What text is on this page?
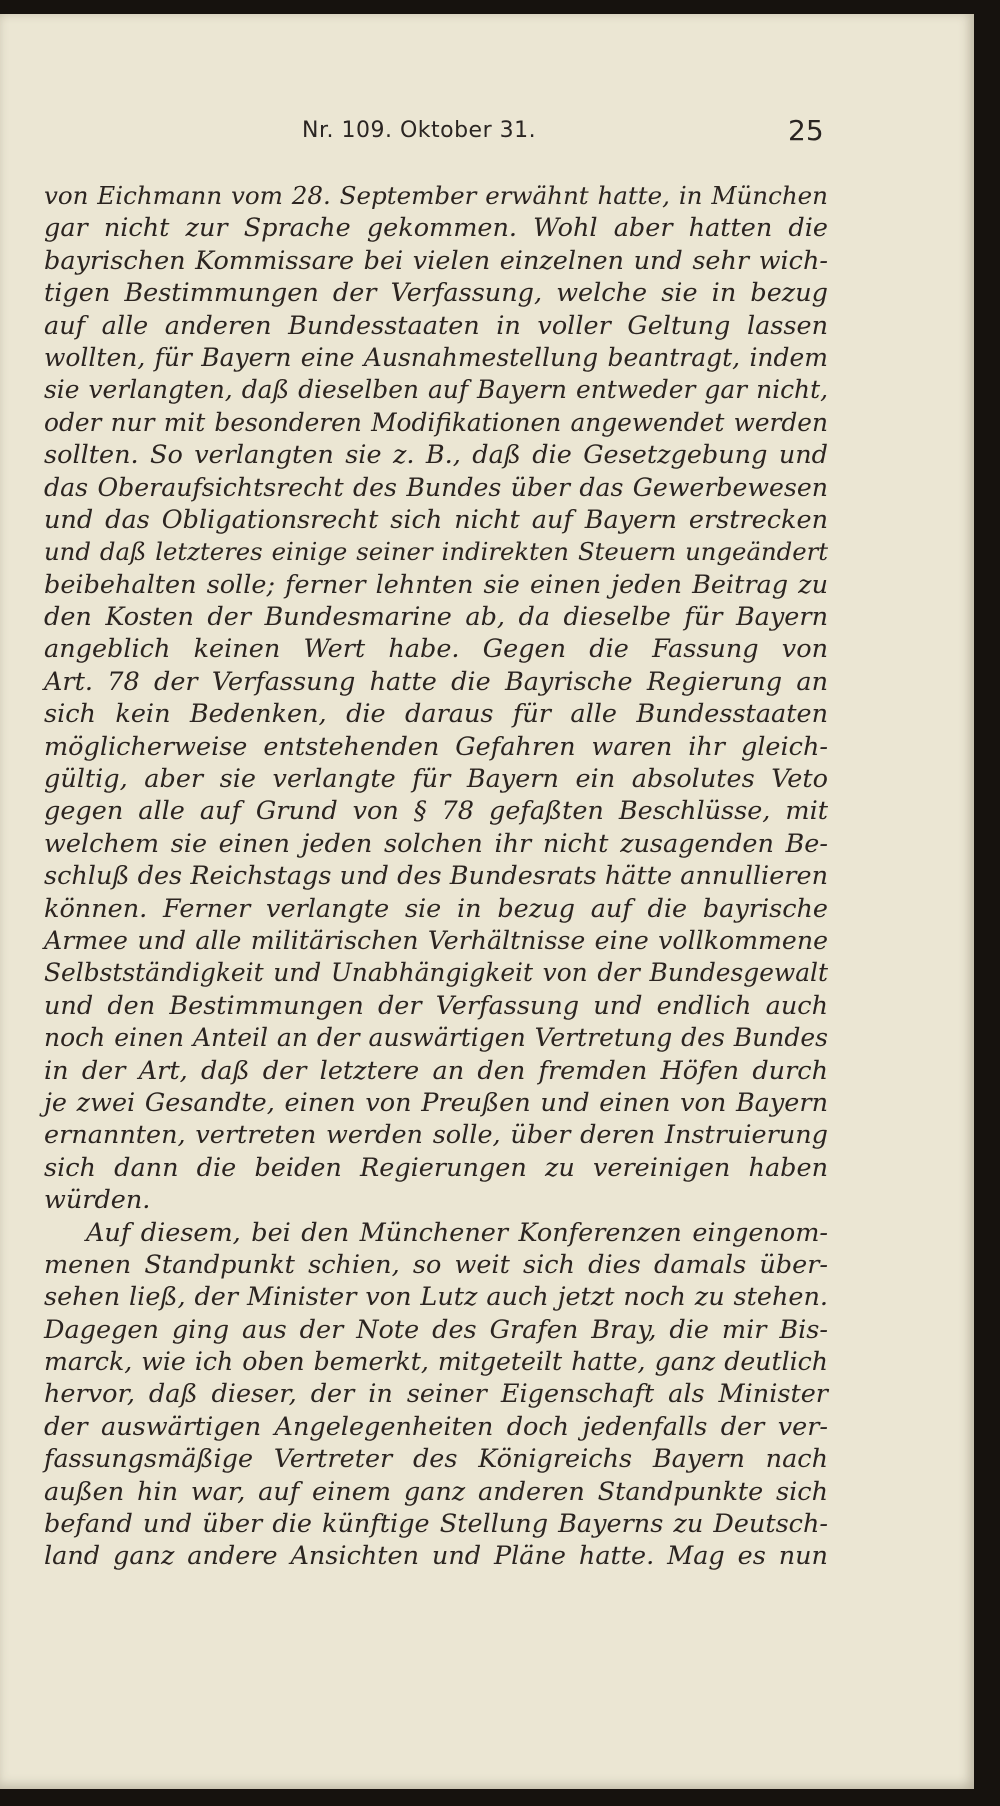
Nr. 109. Oktober 31.	25
von Eichmann vom 28. September erwähnt hatte, in München
gar nicht zur Sprache gekommen. Wohl aber hatten die
bayrischen Kommissare bei vielen einzelnen und sehr wich-
tigen Bestimmungen der Verfassung, welche sie in bezug
auf alle anderen Bundesstaaten in voller Geltung lassen
wollten, für Bayern eine Ausnahmestellung beantragt, indem
sie verlangten, daß dieselben auf Bayern entweder gar nicht,
oder nur mit besonderen Modifikationen angewendet werden
sollten. So verlangten sie z. B., daß die Gesetzgebung und
das Oberaufsichtsrecht des Bundes über das Gewerbewesen
und das Obligationsrecht sich nicht auf Bayern erstrecken
und daß letzteres einige seiner indirekten Steuern ungeändert
beibehalten solle; ferner lehnten sie einen jeden Beitrag zu
den Kosten der Bundesmarine ab, da dieselbe für Bayern
angeblich keinen Wert habe. Gegen die Fassung von
Art. 78 der Verfassung hatte die Bayrische Regierung an
sich kein Bedenken, die daraus für alle Bundesstaaten
möglicherweise entstehenden Gefahren waren ihr gleich-
gültig, aber sie verlangte für Bayern ein absolutes Veto
gegen alle auf Grund von § 78 gefaßten Beschlüsse, mit
welchem sie einen jeden solchen ihr nicht zusagenden Be-
schluß des Reichstags und des Bundesrats hätte annullieren
können. Ferner verlangte sie in bezug auf die bayrische
Armee und alle militärischen Verhältnisse eine vollkommene
Selbstständigkeit und Unabhängigkeit von der Bundesgewalt
und den Bestimmungen der Verfassung und endlich auch
noch einen Anteil an der auswärtigen Vertretung des Bundes
in der Art, daß der letztere an den fremden Höfen durch
je zwei Gesandte, einen von Preußen und einen von Bayern
ernannten, vertreten werden solle, über deren Instruierung
sich dann die beiden Regierungen zu vereinigen haben
würden.
Auf diesem, bei den Münchener Konferenzen eingenom-
menen Standpunkt schien, so weit sich dies damals über-
sehen ließ, der Minister von Lutz auch jetzt noch zu stehen.
Dagegen ging aus der Note des Grafen Bray, die mir Bis-
marck, wie ich oben bemerkt, mitgeteilt hatte, ganz deutlich
hervor, daß dieser, der in seiner Eigenschaft als Minister
der auswärtigen Angelegenheiten doch jedenfalls der ver-
fassungsmäßige Vertreter des Königreichs Bayern nach
außen hin war, auf einem ganz anderen Standpunkte sich
befand und über die künftige Stellung Bayerns zu Deutsch-
land ganz andere Ansichten und Pläne hatte. Mag es nun
